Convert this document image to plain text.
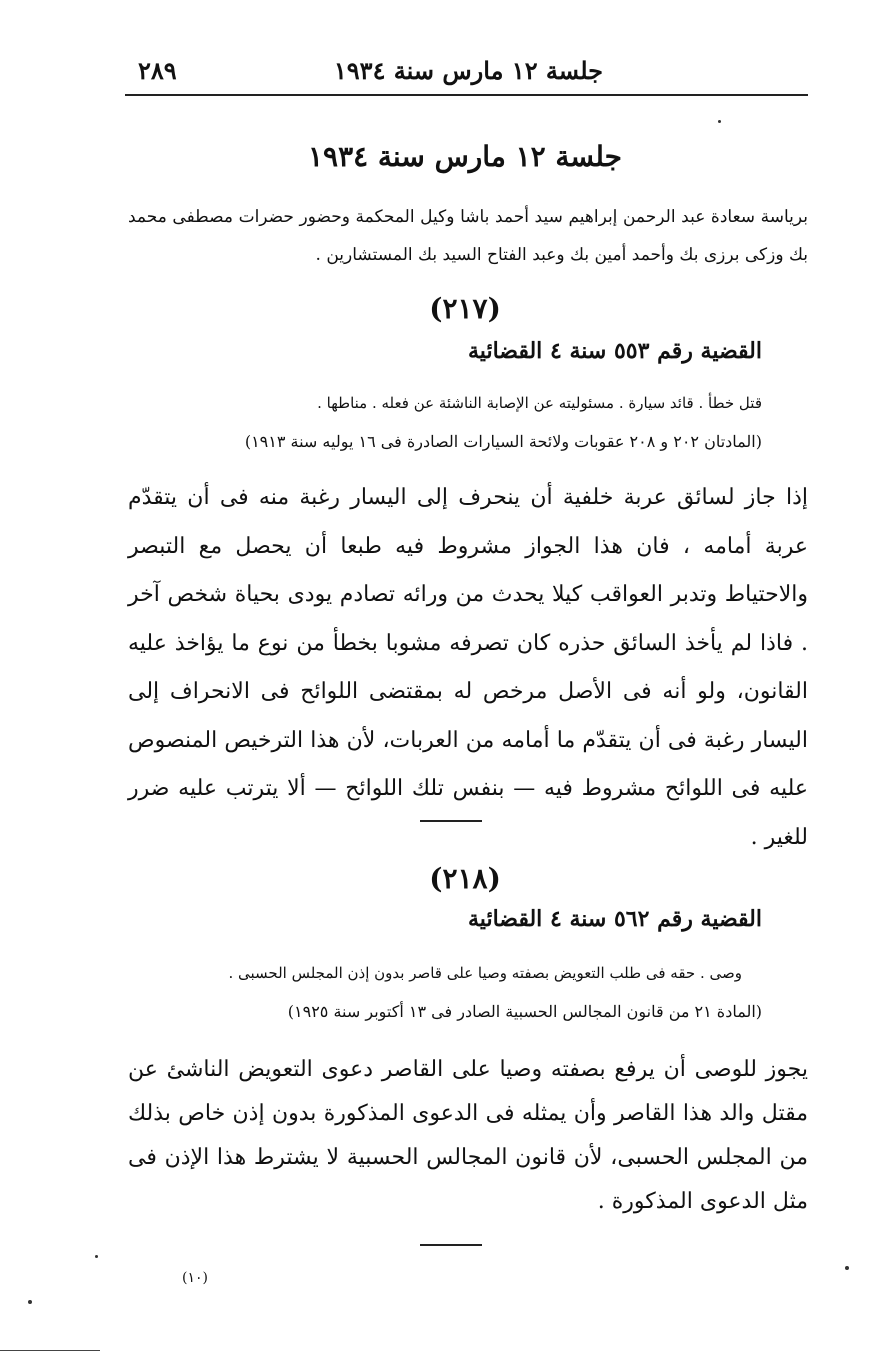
جلسة ١٢ مارس سنة ١٩٣٤
٢٨٩
جلسة ١٢ مارس سنة ١٩٣٤
برياسة سعادة عبد الرحمن إبراهيم سيد أحمد باشا وكيل المحكمة وحضور حضرات مصطفى محمد بك وزكى برزى بك وأحمد أمين بك وعبد الفتاح السيد بك المستشارين .
(٢١٧)
القضية رقم ٥٥٣ سنة ٤ القضائية
قتل خطأ . قائد سيارة . مسئوليته عن الإصابة الناشئة عن فعله . مناطها .
(المادتان ٢٠٢ و ٢٠٨ عقوبات ولائحة السيارات الصادرة فى ١٦ يوليه سنة ١٩١٣)
إذا جاز لسائق عربة خلفية أن ينحرف إلى اليسار رغبة منه فى أن يتقدّم عربة أمامه ، فان هذا الجواز مشروط فيه طبعا أن يحصل مع التبصر والاحتياط وتدبر العواقب كيلا يحدث من ورائه تصادم يودى بحياة شخص آخر . فاذا لم يأخذ السائق حذره كان تصرفه مشوبا بخطأ من نوع ما يؤاخذ عليه القانون، ولو أنه فى الأصل مرخص له بمقتضى اللوائح فى الانحراف إلى اليسار رغبة فى أن يتقدّم ما أمامه من العربات، لأن هذا الترخيص المنصوص عليه فى اللوائح مشروط فيه — بنفس تلك اللوائح — ألا يترتب عليه ضرر للغير .
(٢١٨)
القضية رقم ٥٦٢ سنة ٤ القضائية
وصى . حقه فى طلب التعويض بصفته وصيا على قاصر بدون إذن المجلس الحسبى .
(المادة ٢١ من قانون المجالس الحسبية الصادر فى ١٣ أكتوبر سنة ١٩٢٥)
يجوز للوصى أن يرفع بصفته وصيا على القاصر دعوى التعويض الناشئ عن مقتل والد هذا القاصر وأن يمثله فى الدعوى المذكورة بدون إذن خاص بذلك من المجلس الحسبى، لأن قانون المجالس الحسبية لا يشترط هذا الإذن فى مثل الدعوى المذكورة .
(١٠)
